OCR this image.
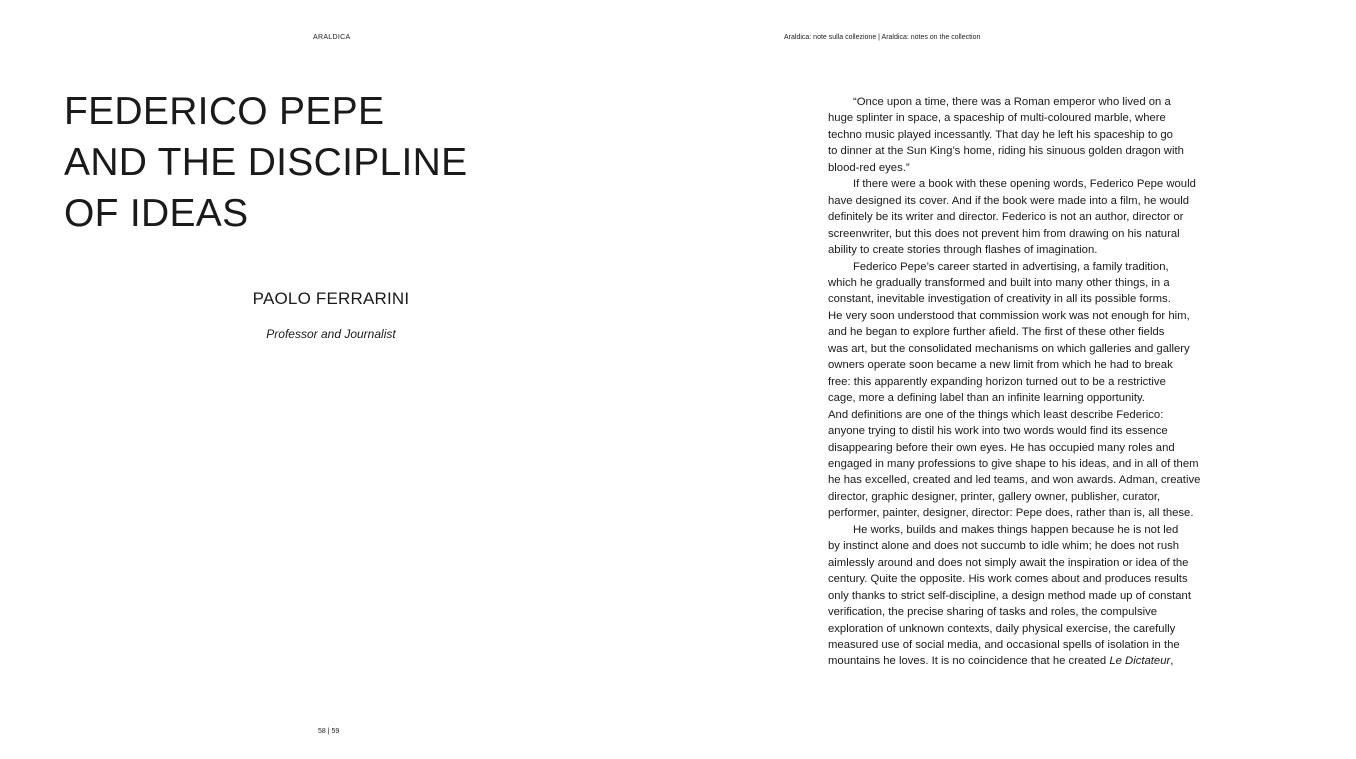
ARALDICA
FEDERICO PEPE
AND THE DISCIPLINE
OF IDEAS
PAOLO FERRARINI
Professor and Journalist
58 | 59
Araldica: note sulla collezione | Araldica: notes on the collection
“Once upon a time, there was a Roman emperor who lived on a
huge splinter in space, a spaceship of multi-coloured marble, where
techno music played incessantly. That day he left his spaceship to go
to dinner at the Sun King’s home, riding his sinuous golden dragon with
blood-red eyes.”
If there were a book with these opening words, Federico Pepe would
have designed its cover. And if the book were made into a film, he would
definitely be its writer and director. Federico is not an author, director or
screenwriter, but this does not prevent him from drawing on his natural
ability to create stories through flashes of imagination.
Federico Pepe’s career started in advertising, a family tradition,
which he gradually transformed and built into many other things, in a
constant, inevitable investigation of creativity in all its possible forms.
He very soon understood that commission work was not enough for him,
and he began to explore further afield. The first of these other fields
was art, but the consolidated mechanisms on which galleries and gallery
owners operate soon became a new limit from which he had to break
free: this apparently expanding horizon turned out to be a restrictive
cage, more a defining label than an infinite learning opportunity.
And definitions are one of the things which least describe Federico:
anyone trying to distil his work into two words would find its essence
disappearing before their own eyes. He has occupied many roles and
engaged in many professions to give shape to his ideas, and in all of them
he has excelled, created and led teams, and won awards. Adman, creative
director, graphic designer, printer, gallery owner, publisher, curator,
performer, painter, designer, director: Pepe does, rather than is, all these.
He works, builds and makes things happen because he is not led
by instinct alone and does not succumb to idle whim; he does not rush
aimlessly around and does not simply await the inspiration or idea of the
century. Quite the opposite. His work comes about and produces results
only thanks to strict self-discipline, a design method made up of constant
verification, the precise sharing of tasks and roles, the compulsive
exploration of unknown contexts, daily physical exercise, the carefully
measured use of social media, and occasional spells of isolation in the
mountains he loves. It is no coincidence that he created Le Dictateur,
